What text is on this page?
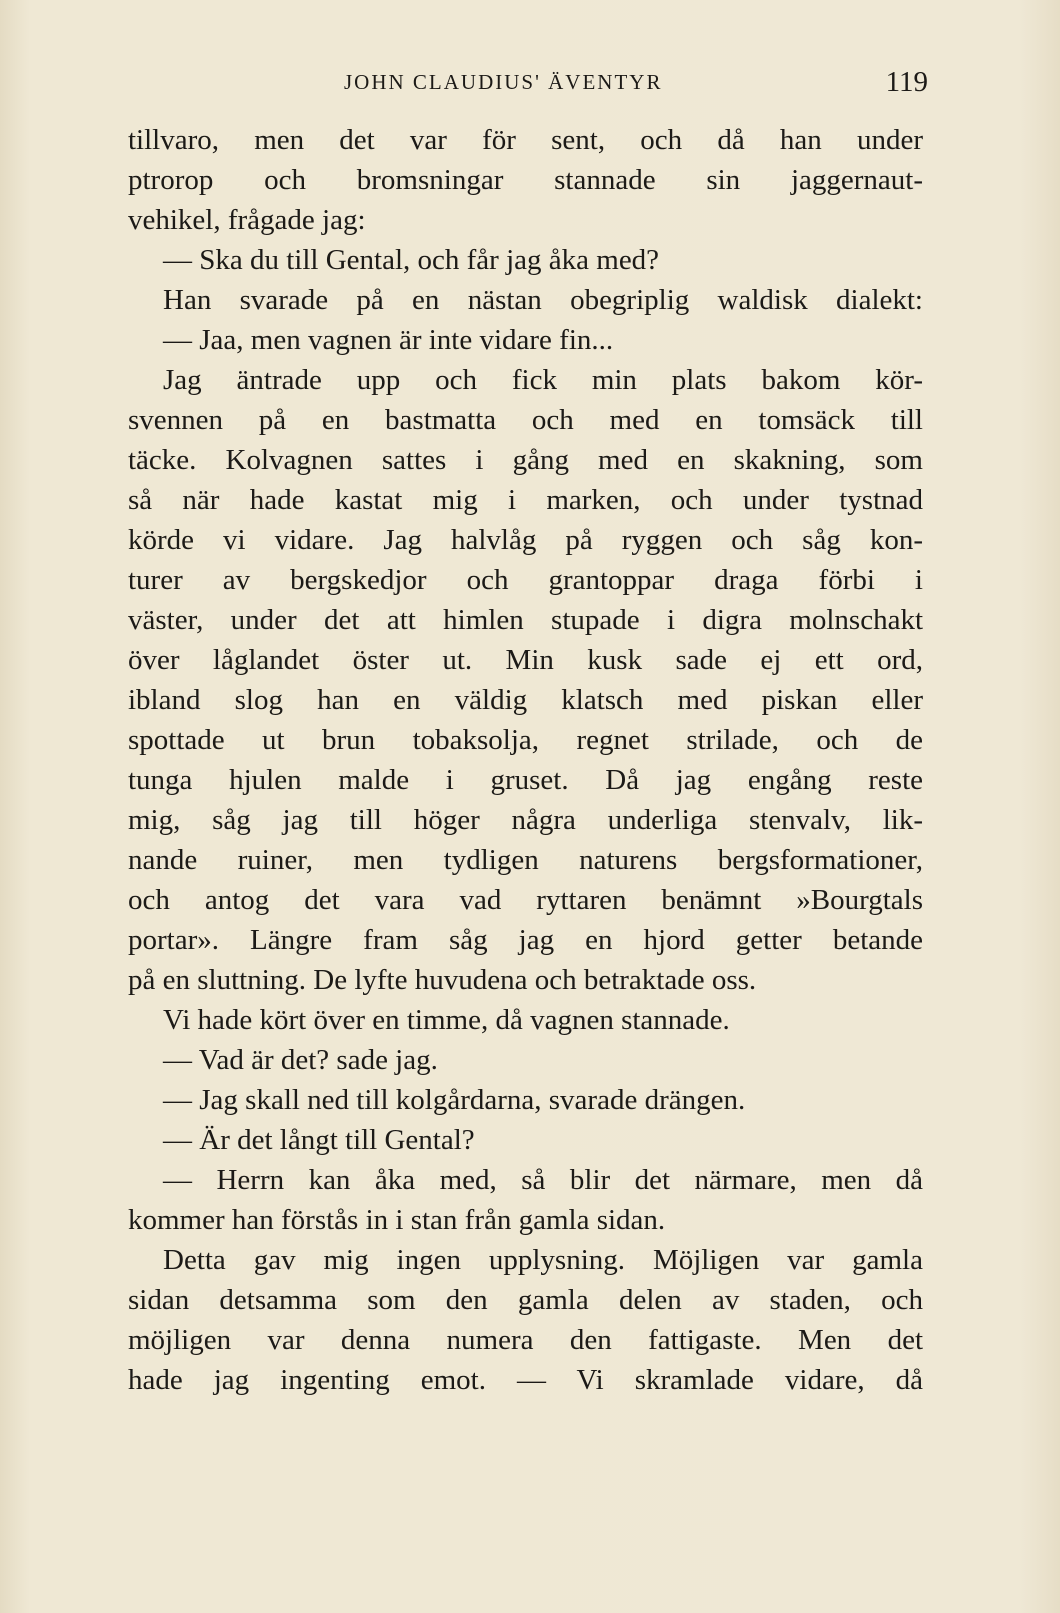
JOHN CLAUDIUS' ÄVENTYR	119
tillvaro, men det var för sent, och då han under
ptrorop och bromsningar stannade sin jaggernaut-
vehikel, frågade jag:
— Ska du till Gental, och får jag åka med?
Han svarade på en nästan obegriplig waldisk dialekt:
— Jaa, men vagnen är inte vidare fin...
Jag äntrade upp och fick min plats bakom kör-
svennen på en bastmatta och med en tomsäck till
täcke. Kolvagnen sattes i gång med en skakning, som
så när hade kastat mig i marken, och under tystnad
körde vi vidare. Jag halvlåg på ryggen och såg kon-
turer av bergskedjor och grantoppar draga förbi i
väster, under det att himlen stupade i digra molnschakt
över låglandet öster ut. Min kusk sade ej ett ord,
ibland slog han en väldig klatsch med piskan eller
spottade ut brun tobaksolja, regnet strilade, och de
tunga hjulen malde i gruset. Då jag engång reste
mig, såg jag till höger några underliga stenvalv, lik-
nande ruiner, men tydligen naturens bergsformationer,
och antog det vara vad ryttaren benämnt »Bourgtals
portar». Längre fram såg jag en hjord getter betande
på en sluttning. De lyfte huvudena och betraktade oss.
Vi hade kört över en timme, då vagnen stannade.
— Vad är det? sade jag.
— Jag skall ned till kolgårdarna, svarade drängen.
— Är det långt till Gental?
— Herrn kan åka med, så blir det närmare, men då
kommer han förstås in i stan från gamla sidan.
Detta gav mig ingen upplysning. Möjligen var gamla
sidan detsamma som den gamla delen av staden, och
möjligen var denna numera den fattigaste. Men det
hade jag ingenting emot. — Vi skramlade vidare, då
